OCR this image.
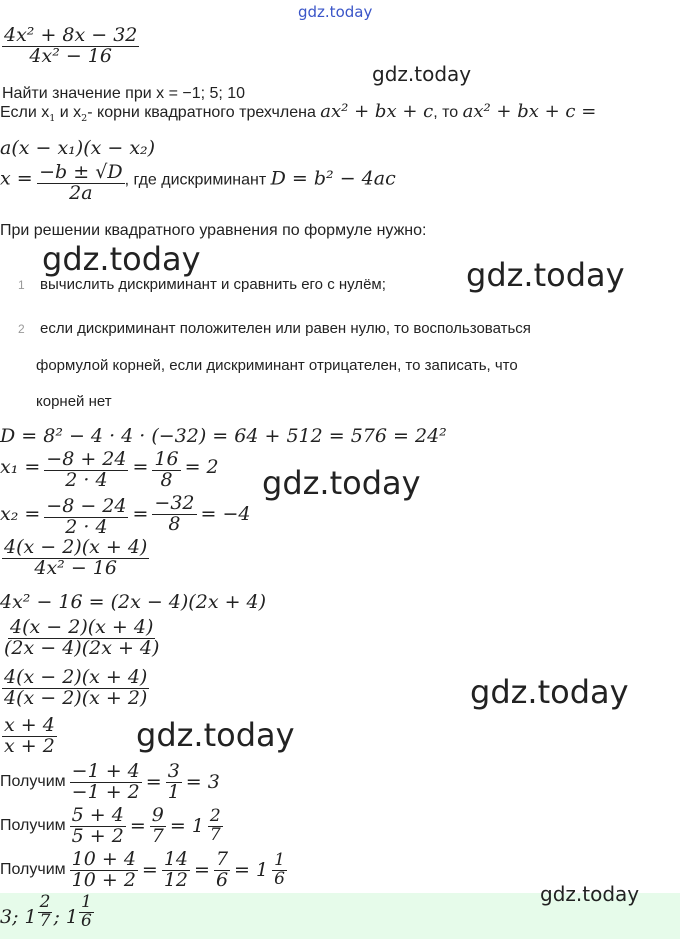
gdz.today
$\frac{\text{4x² + 8x − 32}}{\text{4x² − 16}}$
Найти значение при x = −1; 5; 10
gdz.today
Если $x_1$ и $x_2-$ корни квадратного трехчлена ax² + bx + c, то ax² + bx + c =
a(x − x₁)(x − x₂)
$x = \frac{-b \pm √D}{2a}$ , где дискриминант D = b² − 4ac
При решении квадратного уравнения по формуле нужно:
gdz.today	gdz.today
1 вычислить дискриминант и сравнить его с нулём;
2 если дискриминант положителен или равен нулю, то воспользоваться
формулой корней, если дискриминант отрицателен, то записать, что
корней нет
D = 8² − 4 · 4 · (−32) = 64 + 512 = 576 = 24²
$x_1 = \frac{-8 + 24}{2 \cdot 4} = \frac{16}{8} = 2$ gdz.today
$x_2 = \frac{-8 - 24}{2 \cdot 4} = \frac{-32}{8} = -4$
$\frac{4(x - 2)(x + 4)}{\text{4x² − 16}}$
4x² − 16 = (2x − 4)(2x + 4)
$\frac{4(x - 2)(x + 4)}{(2x - 4)(2x + 4)}$
$\frac{4(x - 2)(x + 4)}{4(x - 2)(x + 2)}$	gdz.today
$\frac{x + 4}{x + 2}$ gdz.today
Получим $\frac{-1 + 4}{-1 + 2} = \frac{3}{1} = 3$
Получим $\frac{5 + 4}{5 + 2} = \frac{9}{7} = 1 \frac{2}{7}$
Получим $\frac{10 + 4}{10 + 2} = \frac{14}{12} = \frac{7}{6} = 1 \frac{1}{6}$
gdz.today
3; $1 \frac{2}{7}$ ; $1 \frac{1}{6}$
